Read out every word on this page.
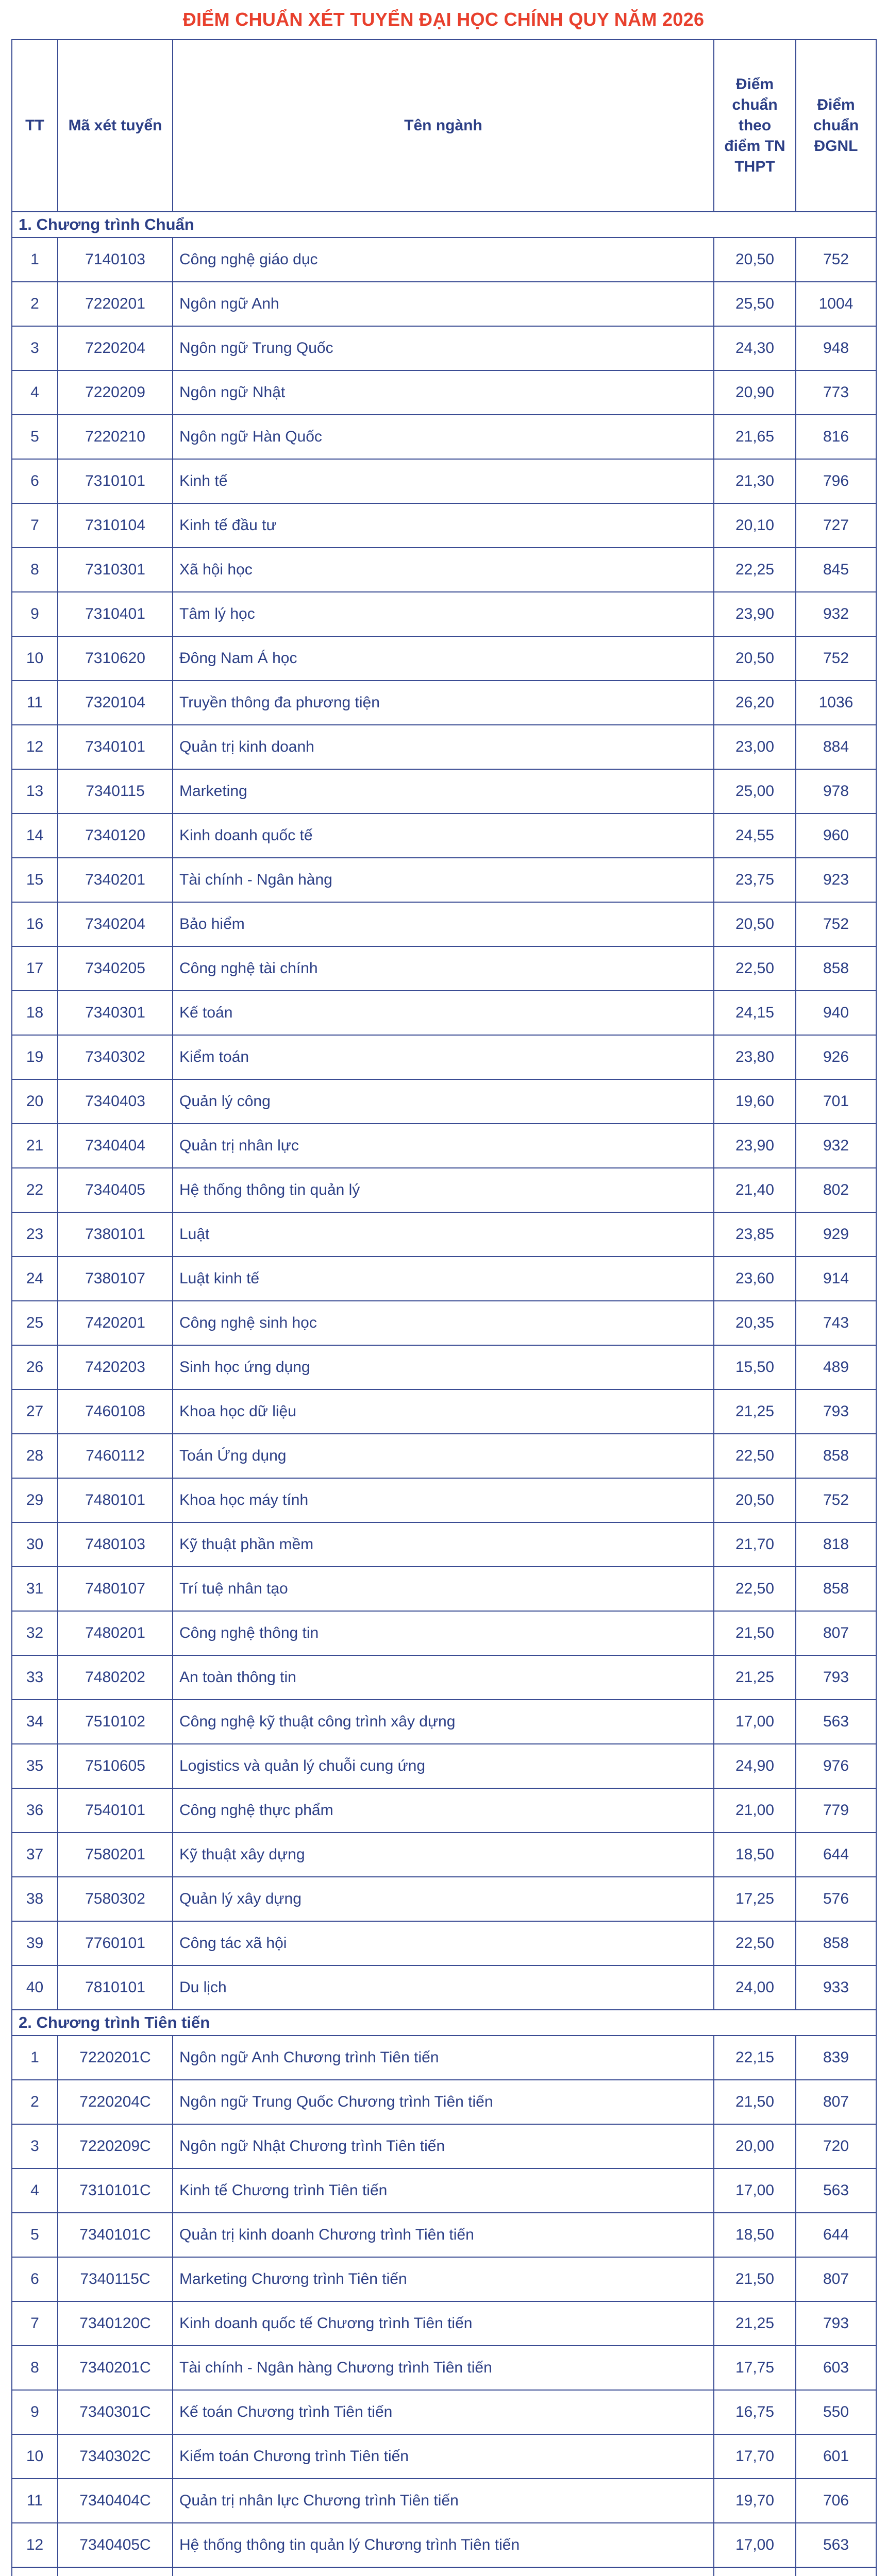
ĐIỂM CHUẨN XÉT TUYỂN ĐẠI HỌC CHÍNH QUY NĂM 2026
TT	Mã xét tuyển	Tên ngành	Điểm chuẩn theo điểm TN THPT	Điểm chuẩn ĐGNL
1. Chương trình Chuẩn				
1	7140103	Công nghệ giáo dục	20,50	752
2	7220201	Ngôn ngữ Anh	25,50	1004
3	7220204	Ngôn ngữ Trung Quốc	24,30	948
4	7220209	Ngôn ngữ Nhật	20,90	773
5	7220210	Ngôn ngữ Hàn Quốc	21,65	816
6	7310101	Kinh tế	21,30	796
7	7310104	Kinh tế đầu tư	20,10	727
8	7310301	Xã hội học	22,25	845
9	7310401	Tâm lý học	23,90	932
10	7310620	Đông Nam Á học	20,50	752
11	7320104	Truyền thông đa phương tiện	26,20	1036
12	7340101	Quản trị kinh doanh	23,00	884
13	7340115	Marketing	25,00	978
14	7340120	Kinh doanh quốc tế	24,55	960
15	7340201	Tài chính - Ngân hàng	23,75	923
16	7340204	Bảo hiểm	20,50	752
17	7340205	Công nghệ tài chính	22,50	858
18	7340301	Kế toán	24,15	940
19	7340302	Kiểm toán	23,80	926
20	7340403	Quản lý công	19,60	701
21	7340404	Quản trị nhân lực	23,90	932
22	7340405	Hệ thống thông tin quản lý	21,40	802
23	7380101	Luật	23,85	929
24	7380107	Luật kinh tế	23,60	914
25	7420201	Công nghệ sinh học	20,35	743
26	7420203	Sinh học ứng dụng	15,50	489
27	7460108	Khoa học dữ liệu	21,25	793
28	7460112	Toán Ứng dụng	22,50	858
29	7480101	Khoa học máy tính	20,50	752
30	7480103	Kỹ thuật phần mềm	21,70	818
31	7480107	Trí tuệ nhân tạo	22,50	858
32	7480201	Công nghệ thông tin	21,50	807
33	7480202	An toàn thông tin	21,25	793
34	7510102	Công nghệ kỹ thuật công trình xây dựng	17,00	563
35	7510605	Logistics và quản lý chuỗi cung ứng	24,90	976
36	7540101	Công nghệ thực phẩm	21,00	779
37	7580201	Kỹ thuật xây dựng	18,50	644
38	7580302	Quản lý xây dựng	17,25	576
39	7760101	Công tác xã hội	22,50	858
40	7810101	Du lịch	24,00	933
2. Chương trình Tiên tiến				
1	7220201C	Ngôn ngữ Anh Chương trình Tiên tiến	22,15	839
2	7220204C	Ngôn ngữ Trung Quốc Chương trình Tiên tiến	21,50	807
3	7220209C	Ngôn ngữ Nhật Chương trình Tiên tiến	20,00	720
4	7310101C	Kinh tế Chương trình Tiên tiến	17,00	563
5	7340101C	Quản trị kinh doanh Chương trình Tiên tiến	18,50	644
6	7340115C	Marketing Chương trình Tiên tiến	21,50	807
7	7340120C	Kinh doanh quốc tế Chương trình Tiên tiến	21,25	793
8	7340201C	Tài chính - Ngân hàng Chương trình Tiên tiến	17,75	603
9	7340301C	Kế toán Chương trình Tiên tiến	16,75	550
10	7340302C	Kiểm toán Chương trình Tiên tiến	17,70	601
11	7340404C	Quản trị nhân lực Chương trình Tiên tiến	19,70	706
12	7340405C	Hệ thống thông tin quản lý Chương trình Tiên tiến	17,00	563
